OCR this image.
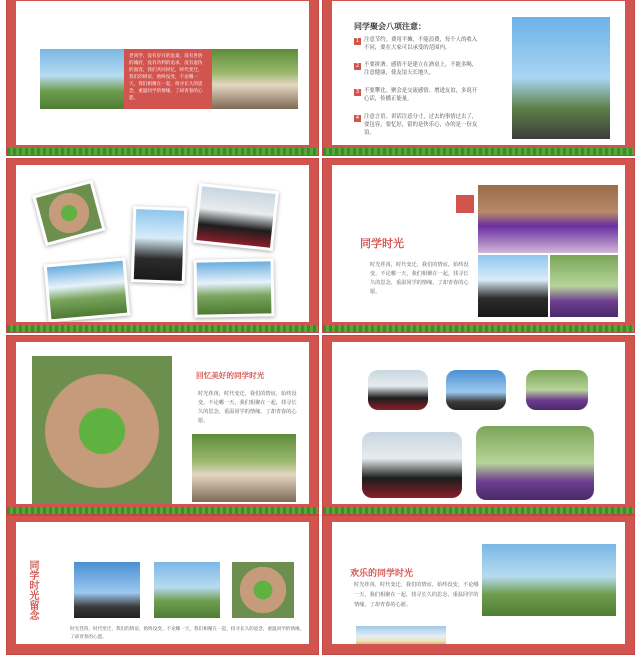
老同学、没有岁月的沧桑，没有世俗的城府，没有功利的追求，没有虚伪的面容，我们共同回忆，时代变迁，我们的情谊，始终没变，不论哪一天，我们相聚在一起，找寻长久的思念，重温同学的情缘，了却青春的心愿。
同学聚会八项注意：
1 注意节约。费用平摊，不能浪费，每个人的收入不同，要在大家可以承受的范围内。
2 不要拼酒。感情不是建立在酒桌上，不能多喝，注意健康，使友谊天长地久。
3 不要攀比。聚会是交流感情、增进友谊，多说开心话，传播正能量。
4 注意言语。讲话注意分寸，过去的事情过去了，要包容，要忆好，留的是快乐心，办的是一份友谊。
同学时光
时光荏苒，时代变迁，我们的情谊，始终没变。不论哪一天，我们相聚在一起，找寻长久的思念，重温同学的情缘，了却青春的心愿。
回忆美好的同学时光
时光荏苒，时代变迁，我们的情谊，始终没变。不论哪一天，我们相聚在一起，找寻长久的思念，重温同学的情缘，了却青春的心愿。
同学时光留念
时光荏苒，时代变迁，我们的情谊，始终没变。不论哪一天，我们相聚在一起，找寻长久的思念，重温同学的情缘，了却青春的心愿。
欢乐的同学时光
时光荏苒，时代变迁，我们的情谊，始终没变。不论哪一天，我们相聚在一起，找寻长久的思念，重温同学的情缘，了却青春的心愿。
